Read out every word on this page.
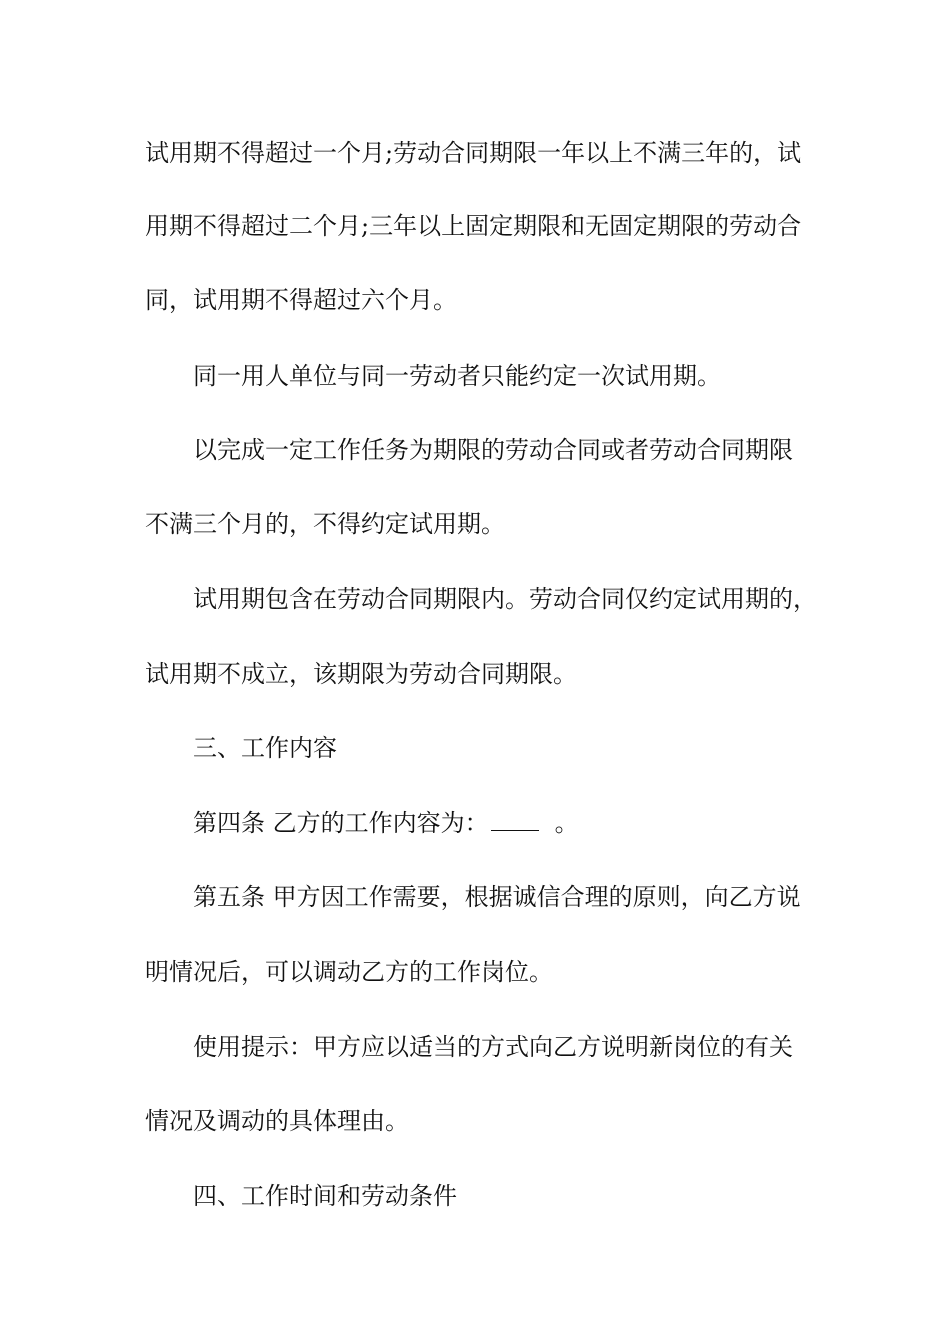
试用期不得超过一个月;劳动合同期限一年以上不满三年的，试
用期不得超过二个月;三年以上固定期限和无固定期限的劳动合
同，试用期不得超过六个月。
同一用人单位与同一劳动者只能约定一次试用期。
以完成一定工作任务为期限的劳动合同或者劳动合同期限
不满三个月的，不得约定试用期。
试用期包含在劳动合同期限内。劳动合同仅约定试用期的，
试用期不成立，该期限为劳动合同期限。
三、工作内容
第四条 乙方的工作内容为：	。
第五条 甲方因工作需要，根据诚信合理的原则，向乙方说
明情况后，可以调动乙方的工作岗位。
使用提示：甲方应以适当的方式向乙方说明新岗位的有关
情况及调动的具体理由。
四、工作时间和劳动条件
